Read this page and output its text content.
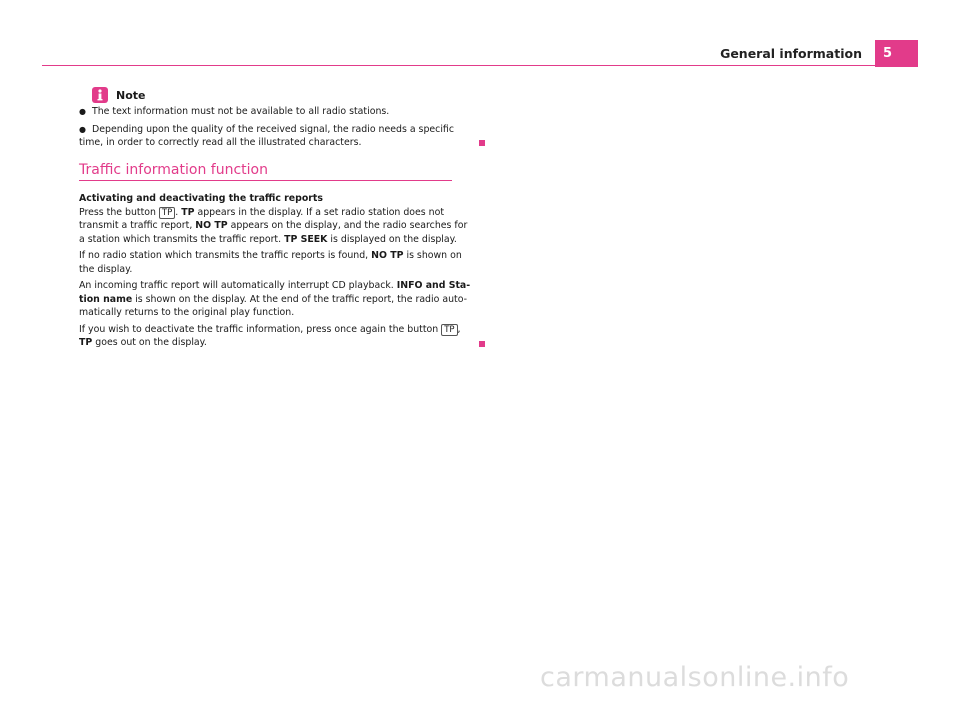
General information	5
Note
● The text information must not be available to all radio stations.
● Depending upon the quality of the received signal, the radio needs a specific
time, in order to correctly read all the illustrated characters.
Traffic information function

Activating and deactivating the traffic reports

Press the button TP . TP appears in the display. If a set radio station does not
transmit a traffic report, NO TP appears on the display, and the radio searches for
a station which transmits the traffic report. TP SEEK is displayed on the display.

If no radio station which transmits the traffic reports is found, NO TP is shown on
the display.

An incoming traffic report will automatically interrupt CD playback. INFO and Sta-
tion name is shown on the display. At the end of the traffic report, the radio auto-
matically returns to the original play function.

If you wish to deactivate the traffic information, press once again the button TP ,
TP goes out on the display.

carmanualsonline.info
